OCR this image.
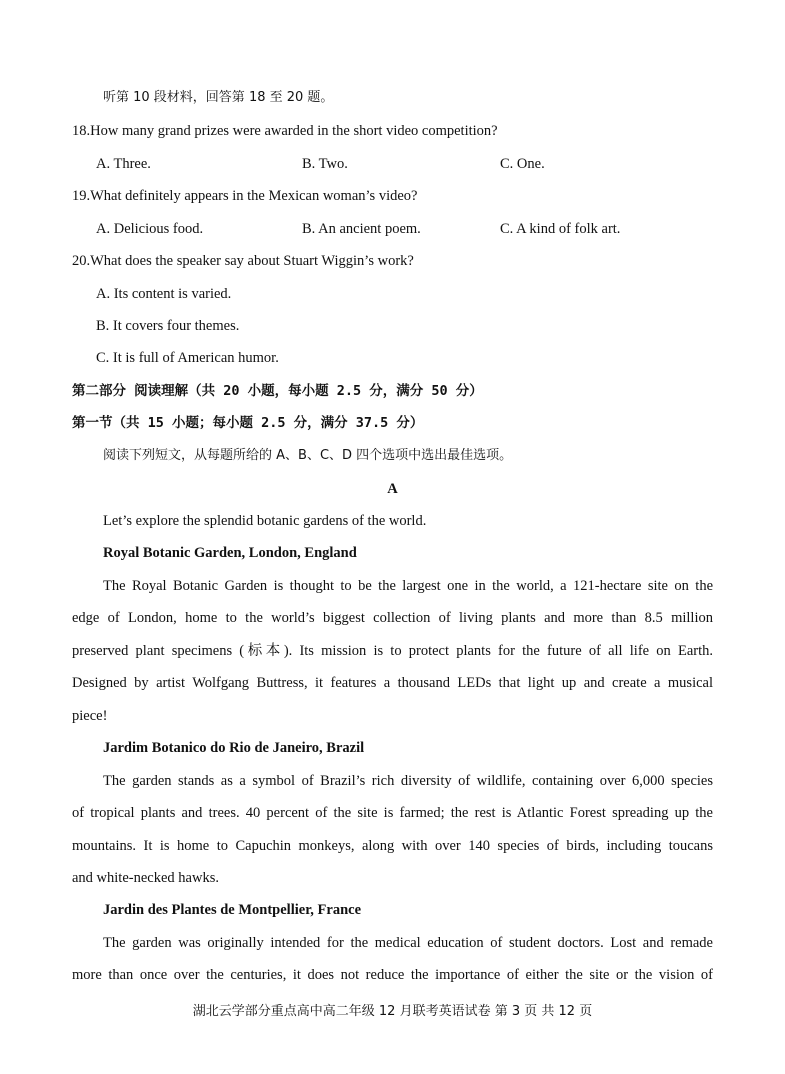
听第 10 段材料，回答第 18 至 20 题。
18.How many grand prizes were awarded in the short video competition?
A. Three.	B. Two.	C. One.
19.What definitely appears in the Mexican woman’s video?
A. Delicious food.	B. An ancient poem.	C. A kind of folk art.
20.What does the speaker say about Stuart Wiggin’s work?
A. Its content is varied.
B. It covers four themes.
C. It is full of American humor.
第二部分 阅读理解（共 20 小题，每小题 2.5 分，满分 50 分）
第一节（共 15 小题；每小题 2.5 分，满分 37.5 分）
阅读下列短文，从每题所给的 A、B、C、D 四个选项中选出最佳选项。
A
Let’s explore the splendid botanic gardens of the world.
Royal Botanic Garden, London, England
The Royal Botanic Garden is thought to be the largest one in the world, a 121-hectare site on the
edge of London, home to the world’s biggest collection of living plants and more than 8.5 million
preserved plant specimens (标本). Its mission is to protect plants for the future of all life on Earth.
Designed by artist Wolfgang Buttress, it features a thousand LEDs that light up and create a musical
piece!
Jardim Botanico do Rio de Janeiro, Brazil
The garden stands as a symbol of Brazil’s rich diversity of wildlife, containing over 6,000 species
of tropical plants and trees. 40 percent of the site is farmed; the rest is Atlantic Forest spreading up the
mountains. It is home to Capuchin monkeys, along with over 140 species of birds, including toucans
and white-necked hawks.
Jardin des Plantes de Montpellier, France
The garden was originally intended for the medical education of student doctors. Lost and remade
more than once over the centuries, it does not reduce the importance of either the site or the vision of
湖北云学部分重点高中高二年级 12 月联考英语试卷 第 3 页 共 12 页
